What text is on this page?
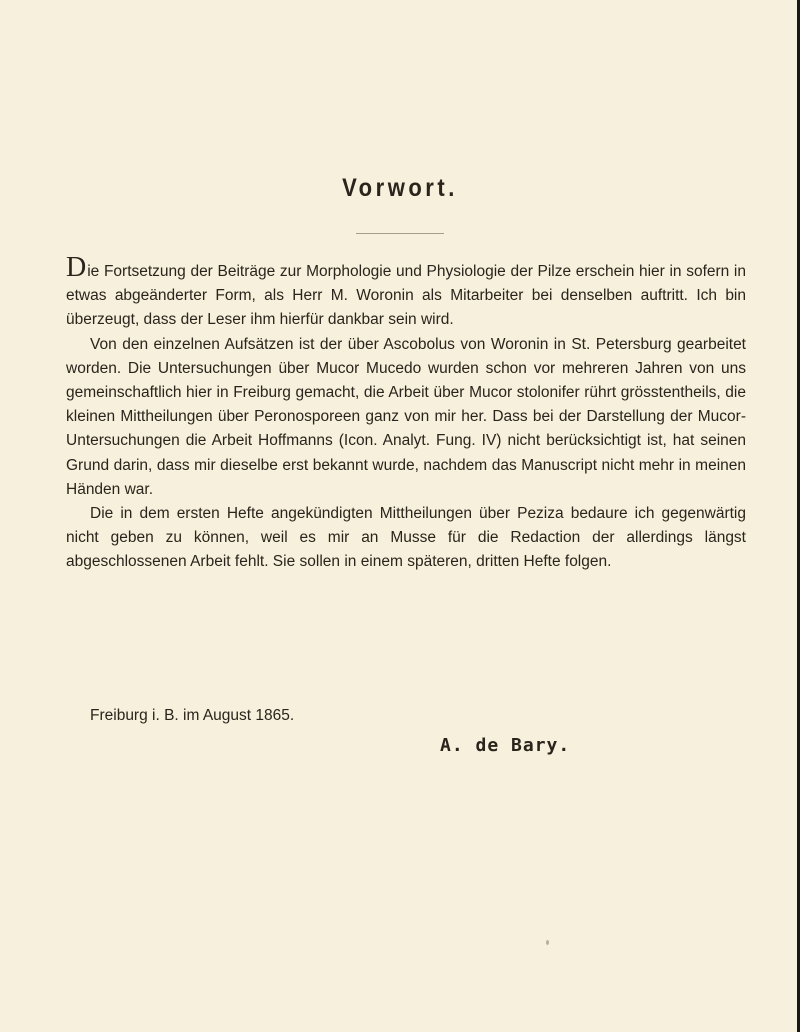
Vorwort.

Die Fortsetzung der Beiträge zur Morphologie und Physiologie der Pilze erschein hier in sofern in etwas abgeänderter Form, als Herr M. Woronin als Mitarbeiter bei denselben auftritt. Ich bin überzeugt, dass der Leser ihm hierfür dankbar sein wird.

Von den einzelnen Aufsätzen ist der über Ascobolus von Woronin in St. Petersburg gearbeitet worden. Die Untersuchungen über Mucor Mucedo wurden schon vor mehreren Jahren von uns gemeinschaftlich hier in Freiburg gemacht, die Arbeit über Mucor stolonifer rührt grösstentheils, die kleinen Mittheilungen über Peronosporeen ganz von mir her. Dass bei der Darstellung der Mucor-Untersuchungen die Arbeit Hoffmanns (Icon. Analyt. Fung. IV) nicht berücksichtigt ist, hat seinen Grund darin, dass mir dieselbe erst bekannt wurde, nachdem das Manuscript nicht mehr in meinen Händen war.

Die in dem ersten Hefte angekündigten Mittheilungen über Peziza bedaure ich gegenwärtig nicht geben zu können, weil es mir an Musse für die Redaction der allerdings längst abgeschlossenen Arbeit fehlt. Sie sollen in einem späteren, dritten Hefte folgen.

Freiburg i. B. im August 1865.

A. de Bary.
